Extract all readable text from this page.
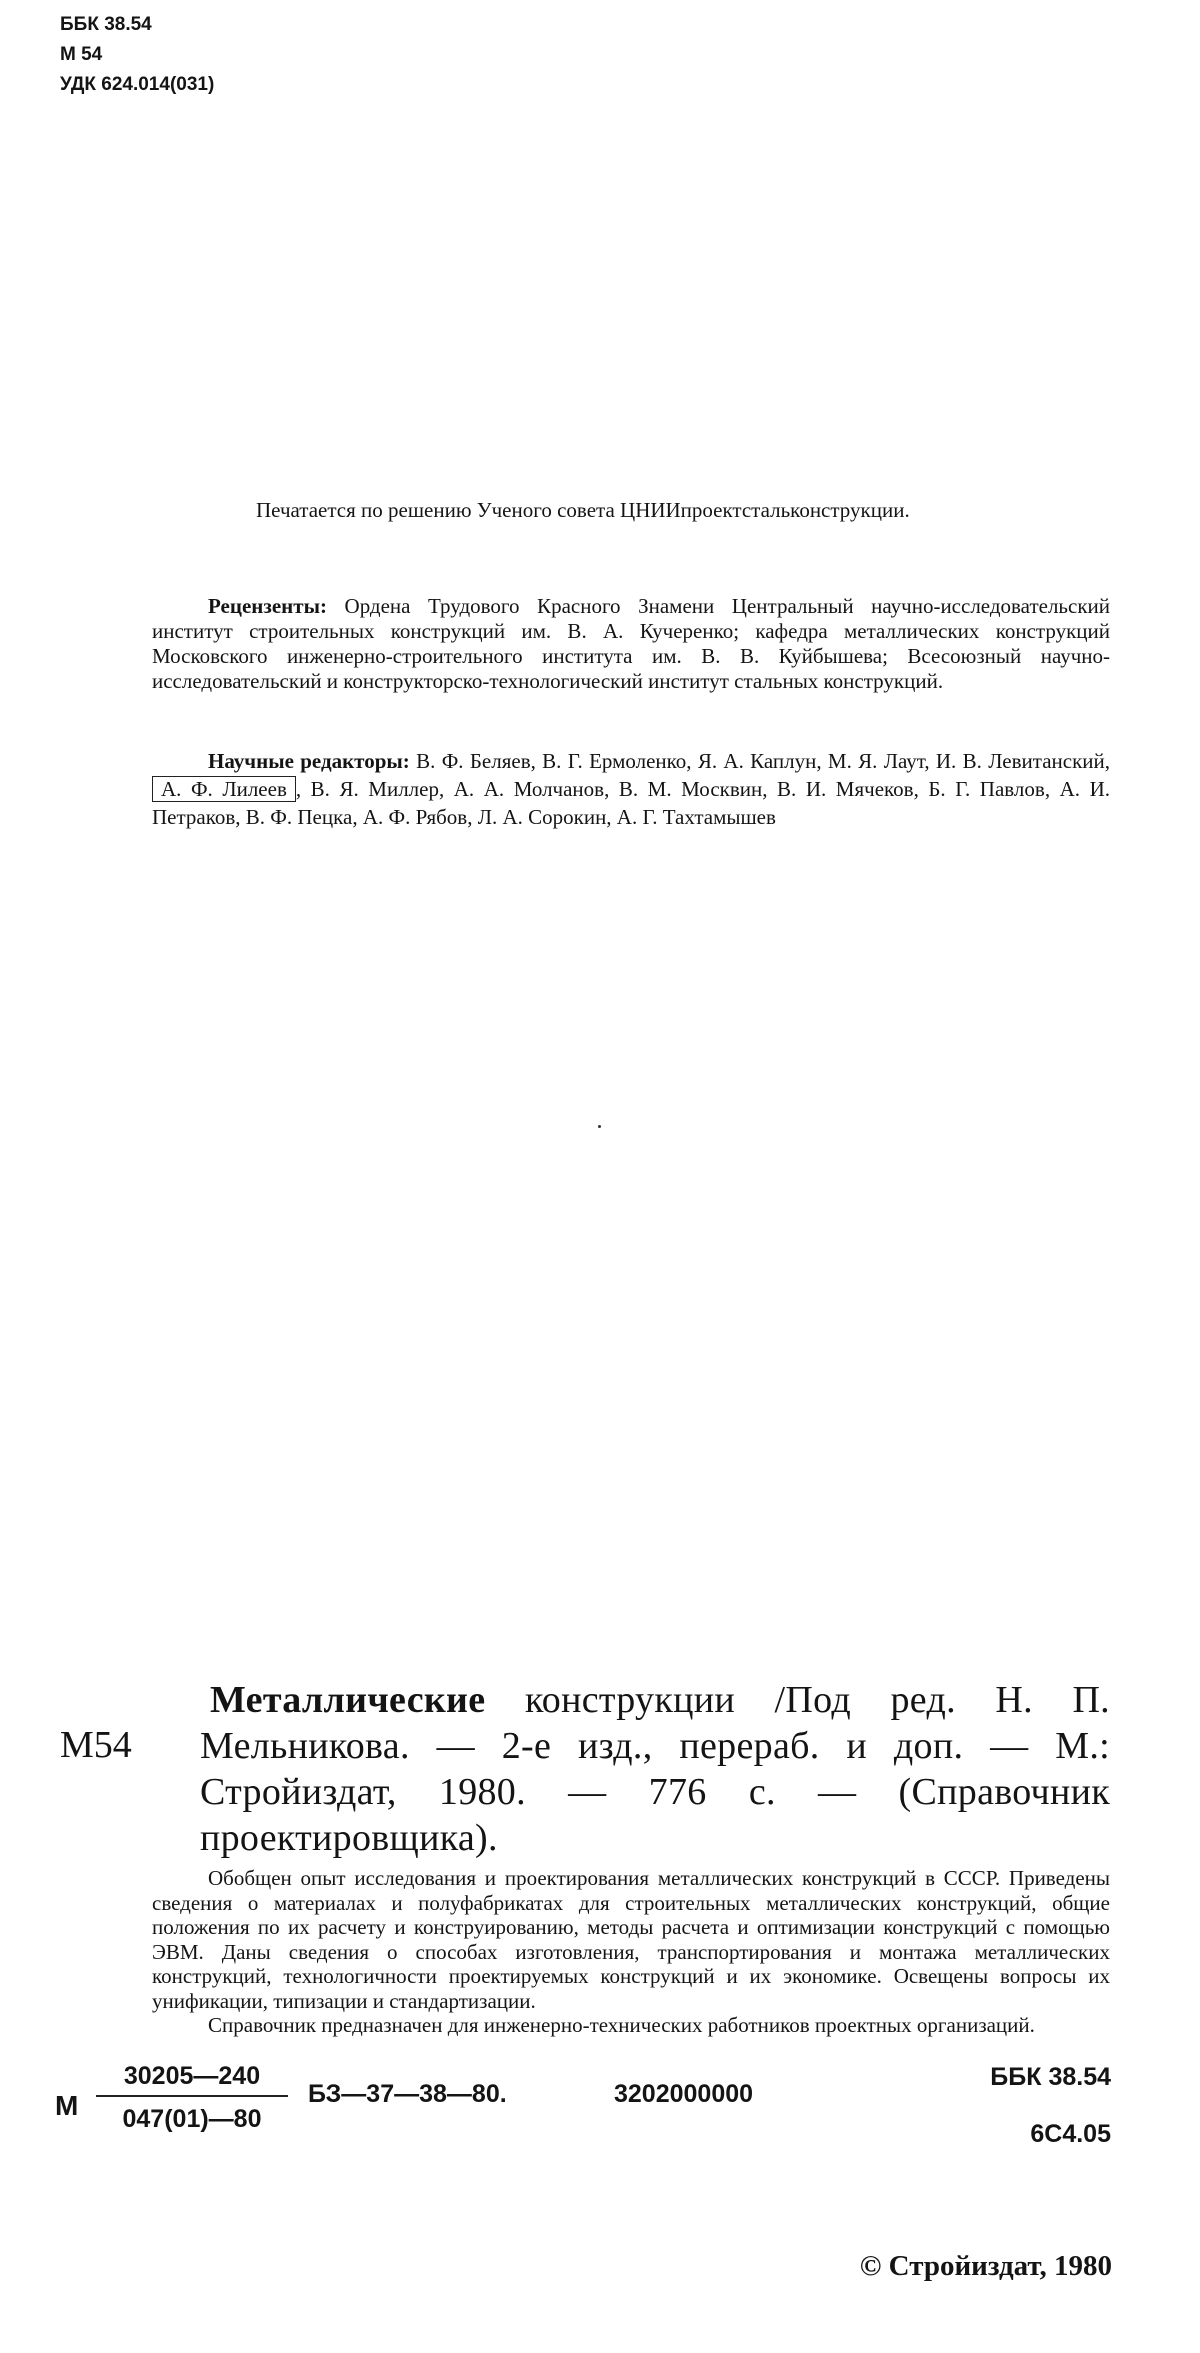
ББК 38.54
М 54
УДК 624.014(031)

Печатается по решению Ученого совета ЦНИИпроектстальконструкции.

Рецензенты: Ордена Трудового Красного Знамени Центральный научно-исследовательский институт строительных конструкций им. В. А. Кучеренко; кафедра металлических конструкций Московского инженерно-строительного института им. В. В. Куйбышева; Всесоюзный научно-исследовательский и конструкторско-технологический институт стальных конструкций.

Научные редакторы: В. Ф. Беляев, В. Г. Ермоленко, Я. А. Каплун, М. Я. Лаут, И. В. Левитанский, А. Ф. Лилеев , В. Я. Миллер, А. А. Молчанов, В. М. Москвин, В. И. Мячеков, Б. Г. Павлов, А. И. Петраков, В. Ф. Пецка, А. Ф. Рябов, Л. А. Сорокин, А. Г. Тахтамышев

М54
Металлические конструкции /Под ред. Н. П. Мельникова. — 2-е изд., перераб. и доп. — М.: Стройиздат, 1980. — 776 с. — (Справочник проектировщика).

Обобщен опыт исследования и проектирования металлических конструкций в СССР. Приведены сведения о материалах и полуфабрикатах для строительных металлических конструкций, общие положения по их расчету и конструированию, методы расчета и оптимизации конструкций с помощью ЭВМ. Даны сведения о способах изготовления, транспортирования и монтажа металлических конструкций, технологичности проектируемых конструкций и их экономике. Освещены вопросы их унификации, типизации и стандартизации.

Справочник предназначен для инженерно-технических работников проектных организаций.

М $\frac{30205—240}{047(01)—80}$ БЗ—37—38—80.	3202000000
ББК 38.54
6С4.05
© Стройиздат, 1980
